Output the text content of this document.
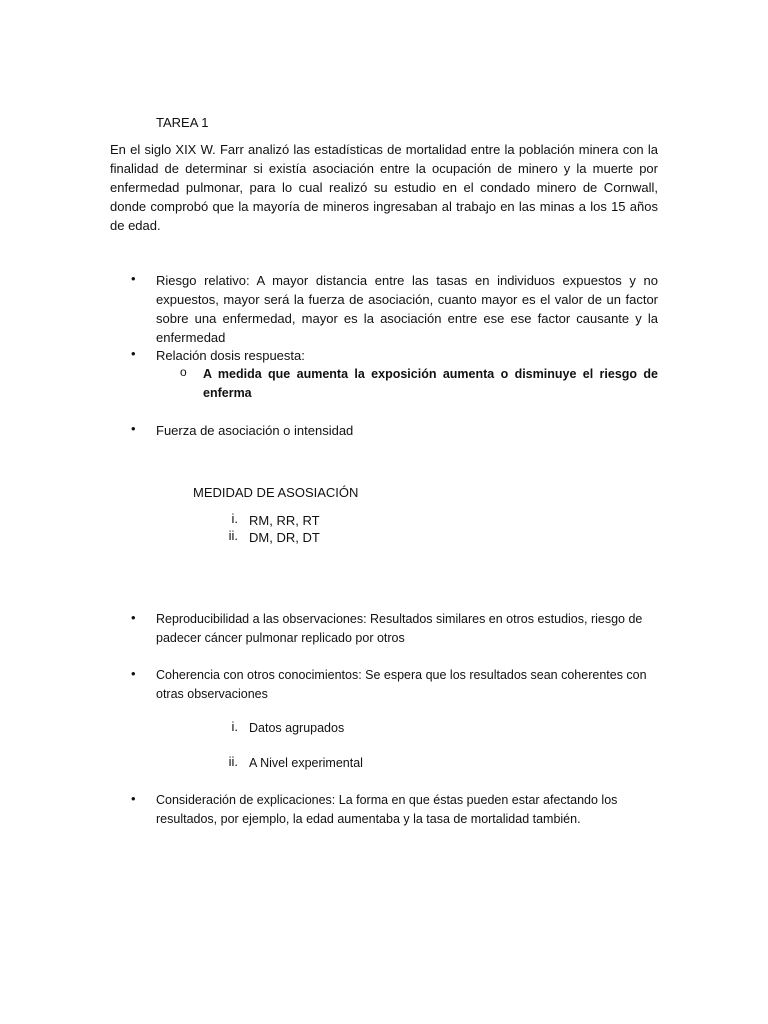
TAREA 1

En el siglo XIX W. Farr analizó las estadísticas de mortalidad entre la población minera con la finalidad de determinar si existía asociación entre la ocupación de minero y la muerte por enfermedad pulmonar, para lo cual realizó su estudio en el condado minero de Cornwall, donde comprobó que la mayoría de mineros ingresaban al trabajo en las minas a los 15 años de edad.

• Riesgo relativo: A mayor distancia entre las tasas en individuos expuestos y no expuestos, mayor será la fuerza de asociación, cuanto mayor es el valor de un factor sobre una enfermedad, mayor es la asociación entre ese ese factor causante y la enfermedad

• Relación dosis respuesta:

o A medida que aumenta la exposición aumenta o disminuye el riesgo de enferma

• Fuerza de asociación o intensidad

MEDIDAD DE ASOSIACIÓN

i. RM, RR, RT
ii. DM, DR, DT
• Reproducibilidad a las observaciones: Resultados similares en otros estudios, riesgo de padecer cáncer pulmonar replicado por otros

• Coherencia con otros conocimientos: Se espera que los resultados sean coherentes con otras observaciones

i. Datos agrupados
ii. A Nivel experimental
• Consideración de explicaciones: La forma en que éstas pueden estar afectando los resultados, por ejemplo, la edad aumentaba y la tasa de mortalidad también.
